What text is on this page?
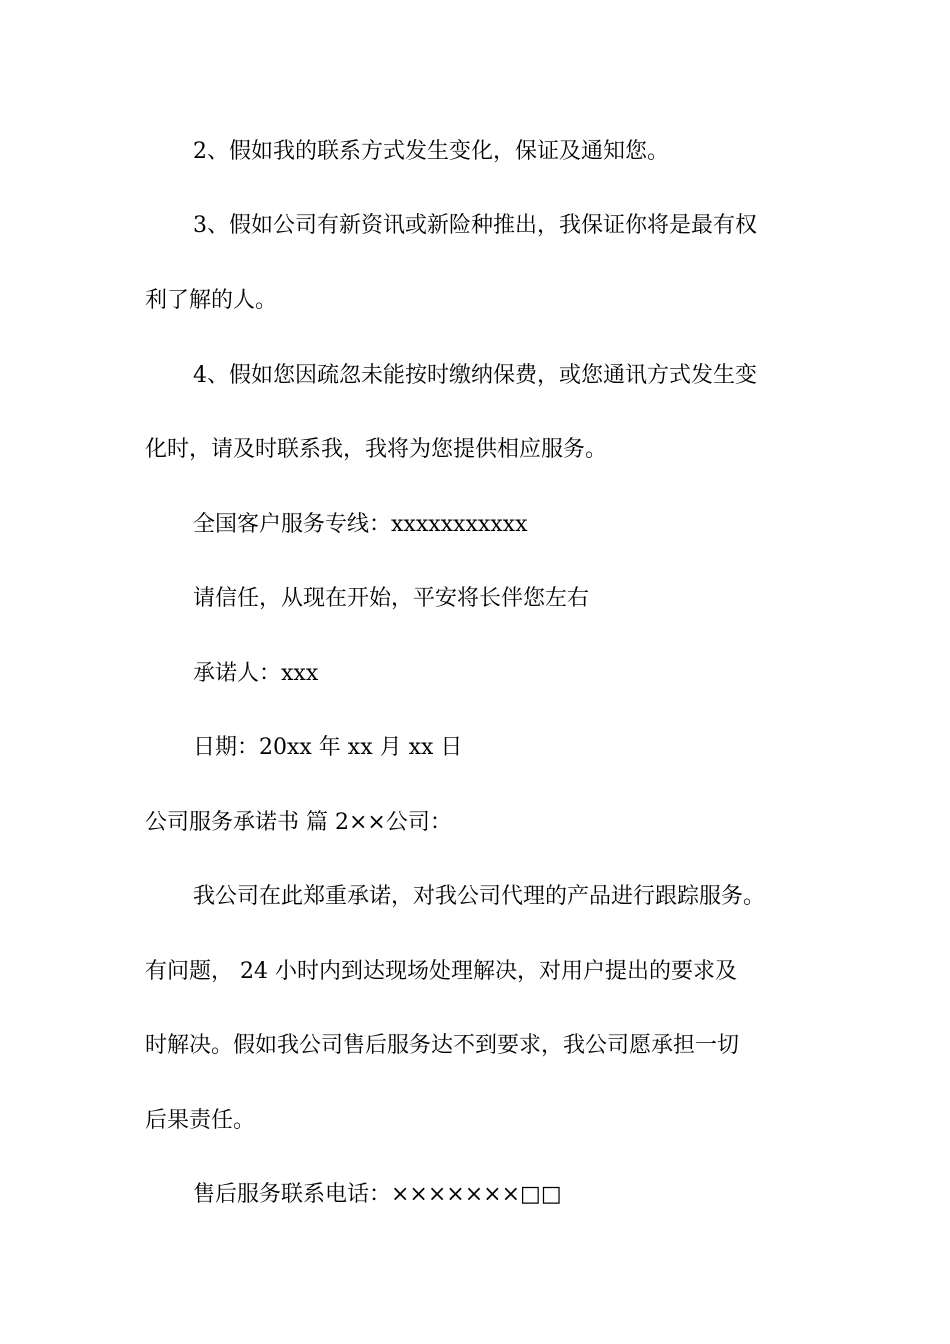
2、假如我的联系方式发生变化，保证及通知您。
3、假如公司有新资讯或新险种推出，我保证你将是最有权
利了解的人。
4、假如您因疏忽未能按时缴纳保费，或您通讯方式发生变
化时，请及时联系我，我将为您提供相应服务。
全国客户服务专线：xxxxxxxxxxx
请信任，从现在开始，平安将长伴您左右
承诺人：xxx
日期：20xx 年 xx 月 xx 日
公司服务承诺书 篇 2××公司：
我公司在此郑重承诺，对我公司代理的产品进行跟踪服务。
有问题， 24 小时内到达现场处理解决，对用户提出的要求及
时解决。假如我公司售后服务达不到要求，我公司愿承担一切
后果责任。
售后服务联系电话：×××××××□□
